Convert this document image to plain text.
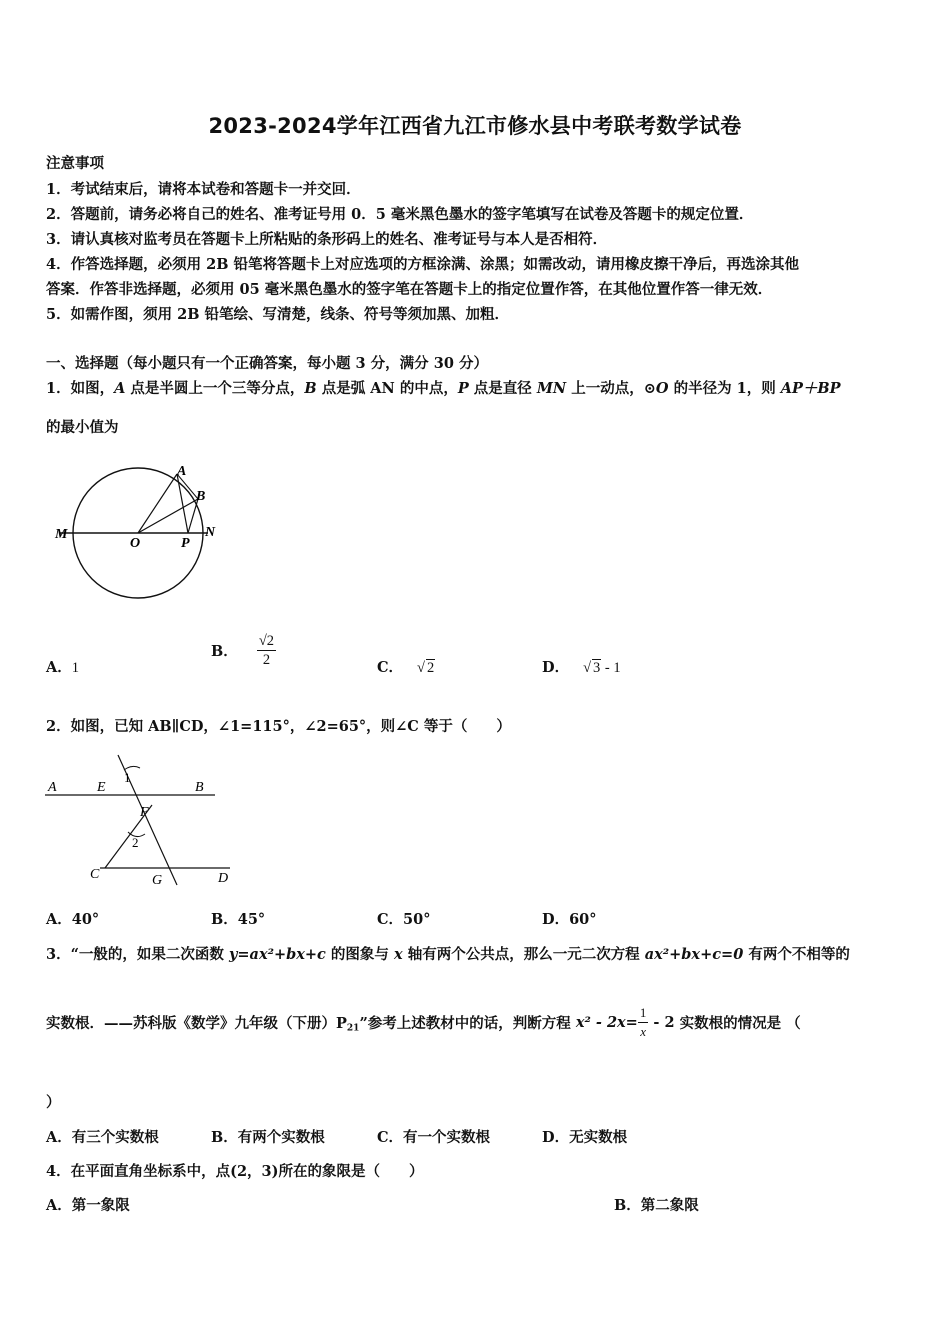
2023-2024学年江西省九江市修水县中考联考数学试卷
注意事项
1．考试结束后，请将本试卷和答题卡一并交回．
2．答题前，请务必将自己的姓名、准考证号用 0．5 毫米黑色墨水的签字笔填写在试卷及答题卡的规定位置．
3．请认真核对监考员在答题卡上所粘贴的条形码上的姓名、准考证号与本人是否相符．
4．作答选择题，必须用 2B 铅笔将答题卡上对应选项的方框涂满、涂黑；如需改动，请用橡皮擦干净后，再选涂其他
答案．作答非选择题，必须用 05 毫米黑色墨水的签字笔在答题卡上的指定位置作答，在其他位置作答一律无效．
5．如需作图，须用 2B 铅笔绘、写清楚，线条、符号等须加黑、加粗．
一、选择题（每小题只有一个正确答案，每小题 3 分，满分 30 分）
1．如图，A 点是半圆上一个三等分点，B 点是弧 AN 的中点，P 点是直径 MN 上一动点，⊙O 的半径为 1，则 AP＋BP
的最小值为
M
O	P
N
A
B
A．1
B． $\frac{√2}{2}$	C． √ 2	D． √ 3 - 1
2．如图，已知 AB∥CD，∠1=115°，∠2=65°，则∠C 等于（　　）
A	E
1
B
F
2
C	G	D
A．40°	B．45°	C．50°	D．60°
3．“一般的，如果二次函数 y=ax²+bx+c 的图象与 x 轴有两个公共点，那么一元二次方程 ax²+bx+c=0 有两个不相等的
实数根．——苏科版《数学》九年级（下册）$P_{21}$”参考上述教材中的话，判断方程 x² ‑ $2x= \frac{1}{x}$ ‑ 2 实数根的情况是 （
）
A．有三个实数根	B．有两个实数根	C．有一个实数根	D．无实数根
4．在平面直角坐标系中，点(2，3)所在的象限是（　　）
A．第一象限	B．第二象限
